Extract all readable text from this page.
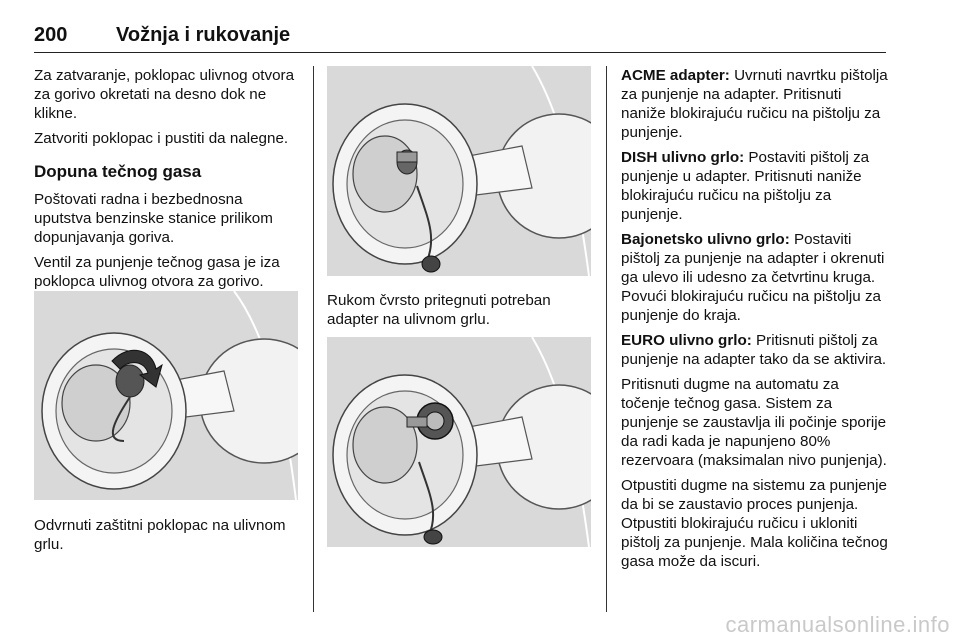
200 Vožnja i rukovanje

Za zatvaranje, poklopac ulivnog otvora za gorivo okretati na desno dok ne klikne.

Zatvoriti poklopac i pustiti da nalegne.

Dopuna tečnog gasa

Poštovati radna i bezbednosna uputstva benzinske stanice prilikom dopunjavanja goriva.

Ventil za punjenje tečnog gasa je iza poklopca ulivnog otvora za gorivo.

Odvrnuti zaštitni poklopac na ulivnom grlu.

Rukom čvrsto pritegnuti potreban adapter na ulivnom grlu.

ACME adapter: Uvrnuti navrtku pištolja za punjenje na adapter. Pritisnuti naniže blokirajuću ručicu na pištolju za punjenje.

DISH ulivno grlo: Postaviti pištolj za punjenje u adapter. Pritisnuti naniže blokirajuću ručicu na pištolju za punjenje.

Bajonetsko ulivno grlo: Postaviti pištolj za punjenje na adapter i okrenuti ga ulevo ili udesno za četvrtinu kruga. Povući blokirajuću ručicu na pištolju za punjenje do kraja.

EURO ulivno grlo: Pritisnuti pištolj za punjenje na adapter tako da se aktivira.

Pritisnuti dugme na automatu za točenje tečnog gasa. Sistem za punjenje se zaustavlja ili počinje sporije da radi kada je napunjeno 80% rezervoara (maksimalan nivo punjenja).

Otpustiti dugme na sistemu za punjenje da bi se zaustavio proces punjenja. Otpustiti blokirajuću ručicu i ukloniti pištolj za punjenje. Mala količina tečnog gasa može da iscuri.

carmanualsonline.info
